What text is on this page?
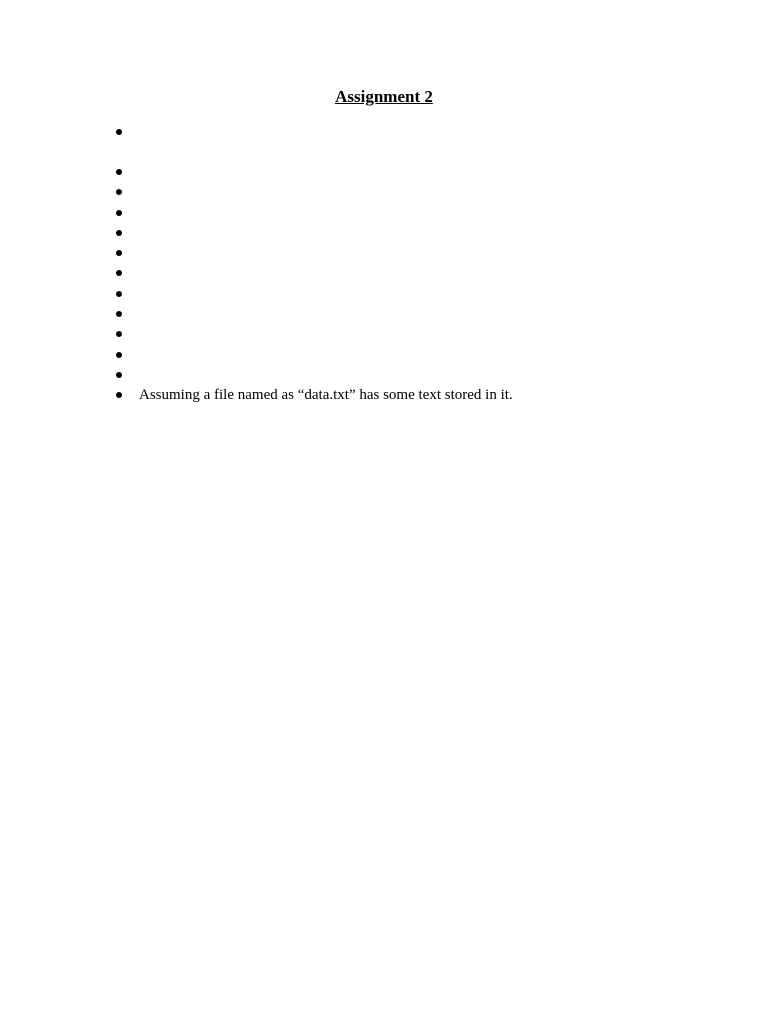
Assignment 2
Assuming a file named as “data.txt” has some text stored in it.
